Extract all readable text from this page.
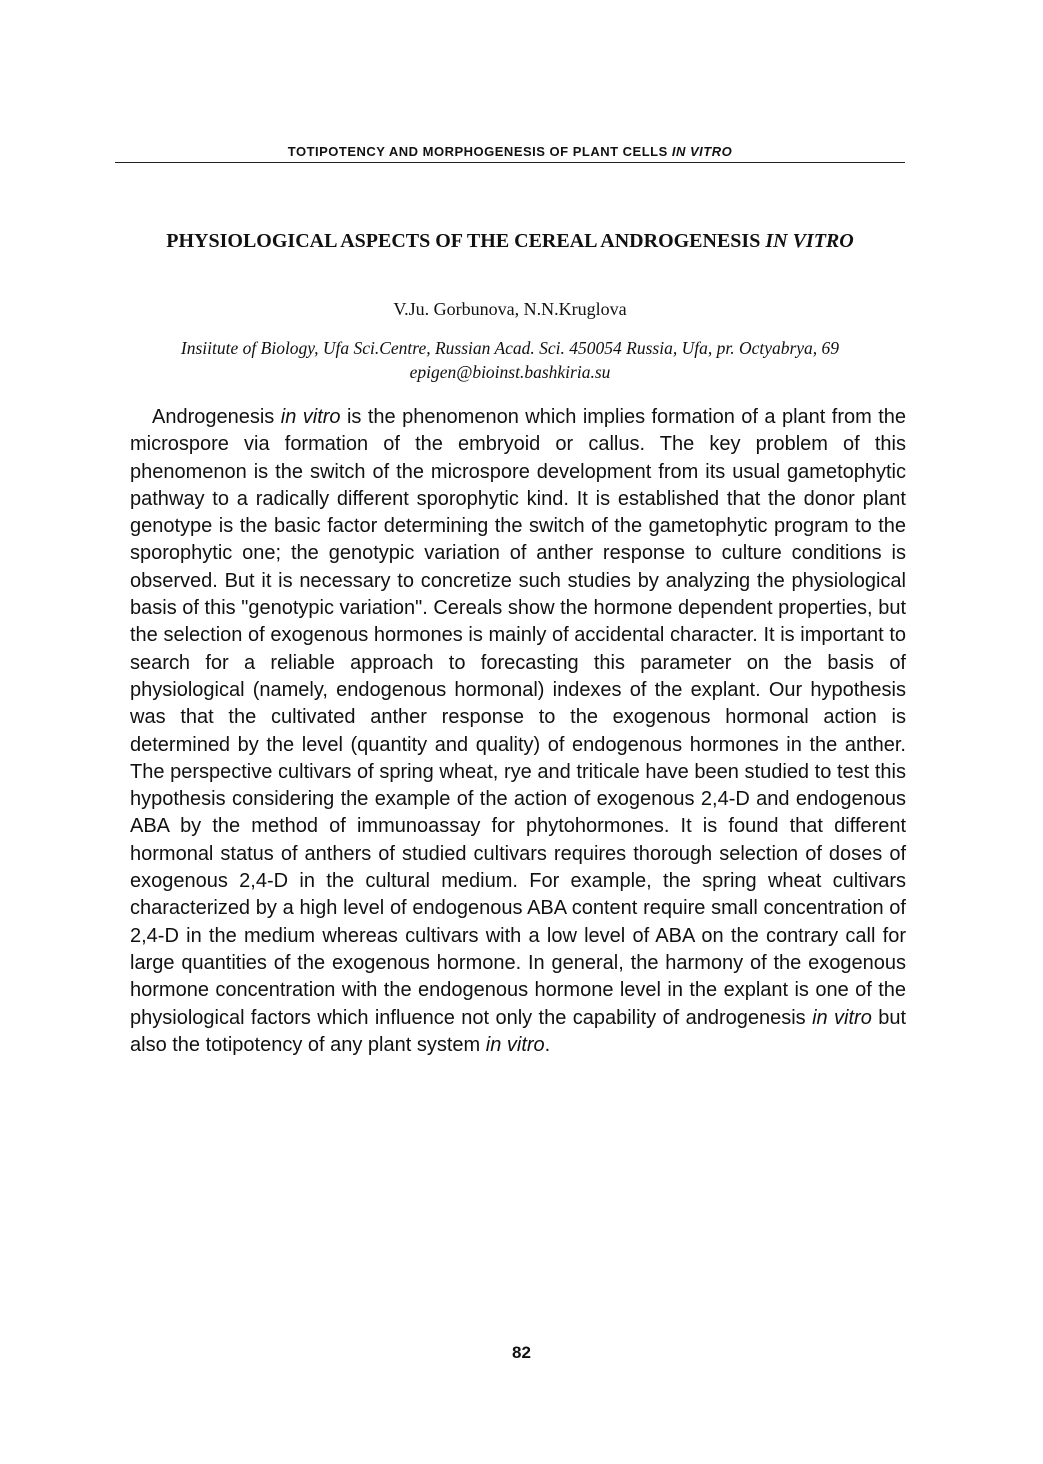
TOTIPOTENCY AND MORPHOGENESIS OF PLANT CELLS IN VITRO
PHYSIOLOGICAL ASPECTS OF THE CEREAL ANDROGENESIS IN VITRO
V.Ju. Gorbunova, N.N.Kruglova
Insiitute of Biology, Ufa Sci.Centre, Russian Acad. Sci. 450054 Russia, Ufa, pr. Octyabrya, 69 epigen@bioinst.bashkiria.su

Androgenesis in vitro is the phenomenon which implies formation of a plant from the microspore via formation of the embryoid or callus. The key problem of this phenomenon is the switch of the microspore development from its usual gametophytic pathway to a radically different sporophytic kind. It is established that the donor plant genotype is the basic factor determining the switch of the gametophytic program to the sporophytic one; the genotypic variation of anther response to culture conditions is observed. But it is necessary to concretize such studies by analyzing the physiological basis of this "genotypic variation". Cereals show the hormone dependent properties, but the selection of exogenous hormones is mainly of accidental character. It is important to search for a reliable approach to forecasting this parameter on the basis of physiological (namely, endogenous hormonal) indexes of the explant. Our hypothesis was that the cultivated anther response to the exogenous hormonal action is determined by the level (quantity and quality) of endogenous hormones in the anther. The perspective cultivars of spring wheat, rye and triticale have been studied to test this hypothesis considering the example of the action of exogenous 2,4-D and endogenous ABA by the method of immunoassay for phytohormones. It is found that different hormonal status of anthers of studied cultivars requires thorough selection of doses of exogenous 2,4-D in the cultural medium. For example, the spring wheat cultivars characterized by a high level of endogenous ABA content require small concentration of 2,4-D in the medium whereas cultivars with a low level of ABA on the contrary call for large quantities of the exogenous hormone. In general, the harmony of the exogenous hormone concentration with the endogenous hormone level in the explant is one of the physiological factors which influence not only the capability of androgenesis in vitro but also the totipotency of any plant system in vitro.

82
